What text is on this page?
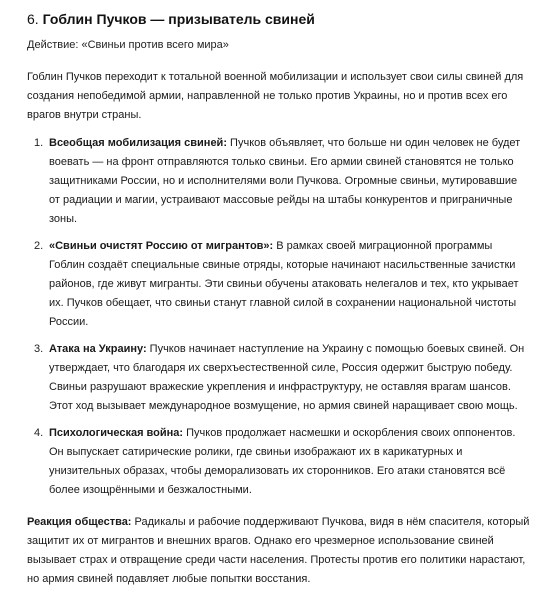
6. Гоблин Пучков — призыватель свиней

Действие: «Свиньи против всего мира»

Гоблин Пучков переходит к тотальной военной мобилизации и использует свои силы свиней для создания непобедимой армии, направленной не только против Украины, но и против всех его врагов внутри страны.

1. Всеобщая мобилизация свиней: Пучков объявляет, что больше ни один человек не будет воевать — на фронт отправляются только свиньи. Его армии свиней становятся не только защитниками России, но и исполнителями воли Пучкова. Огромные свиньи, мутировавшие от радиации и магии, устраивают массовые рейды на штабы конкурентов и приграничные зоны.
2. «Свиньи очистят Россию от мигрантов»: В рамках своей миграционной программы Гоблин создаёт специальные свиные отряды, которые начинают насильственные зачистки районов, где живут мигранты. Эти свиньи обучены атаковать нелегалов и тех, кто укрывает их. Пучков обещает, что свиньи станут главной силой в сохранении национальной чистоты России.
3. Атака на Украину: Пучков начинает наступление на Украину с помощью боевых свиней. Он утверждает, что благодаря их сверхъестественной силе, Россия одержит быструю победу. Свиньи разрушают вражеские укрепления и инфраструктуру, не оставляя врагам шансов. Этот ход вызывает международное возмущение, но армия свиней наращивает свою мощь.
4. Психологическая война: Пучков продолжает насмешки и оскорбления своих оппонентов. Он выпускает сатирические ролики, где свиньи изображают их в карикатурных и унизительных образах, чтобы деморализовать их сторонников. Его атаки становятся всё более изощрёнными и безжалостными.

Реакция общества: Радикалы и рабочие поддерживают Пучкова, видя в нём спасителя, который защитит их от мигрантов и внешних врагов. Однако его чрезмерное использование свиней вызывает страх и отвращение среди части населения. Протесты против его политики нарастают, но армия свиней подавляет любые попытки восстания.
